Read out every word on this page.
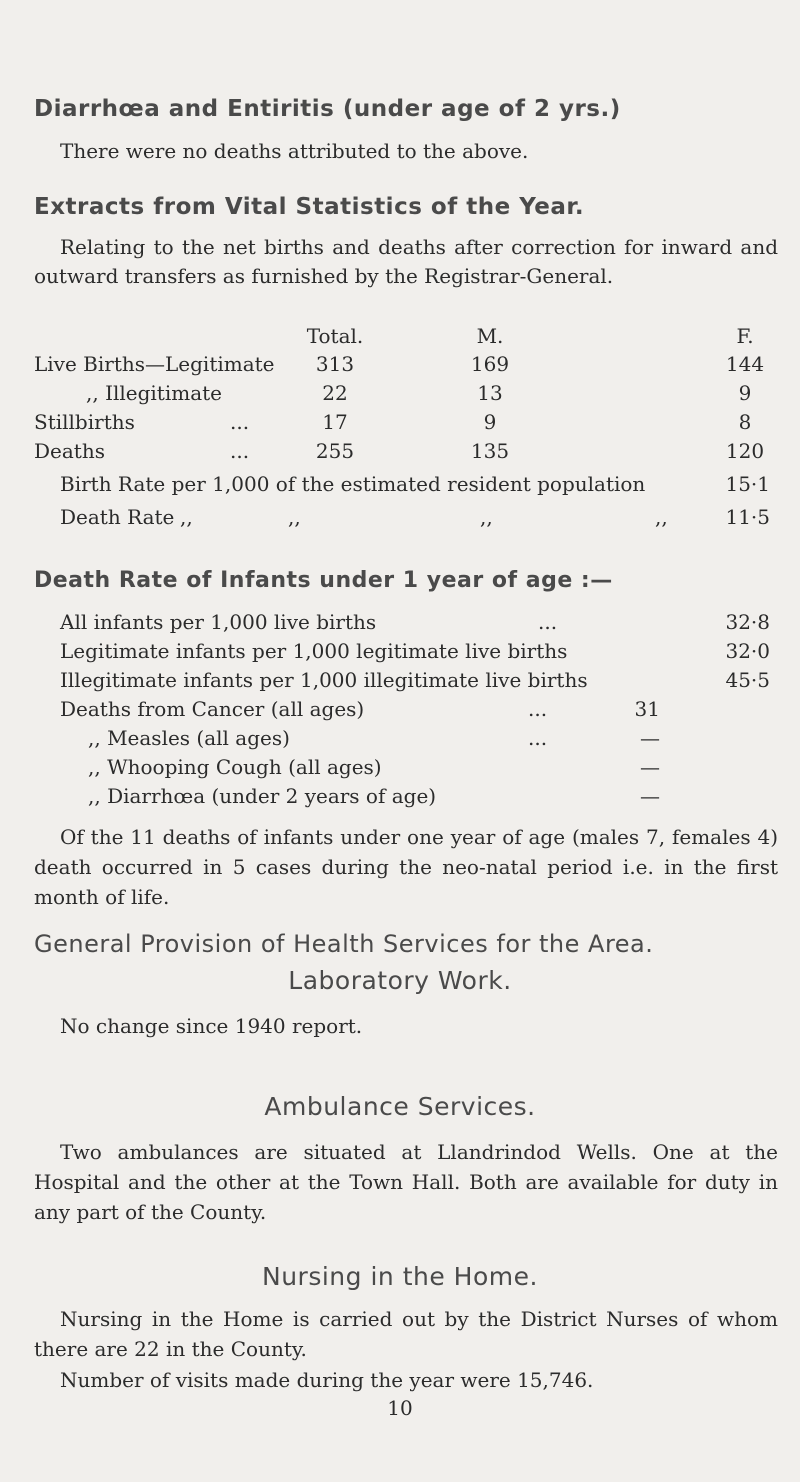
Diarrhœa and Entiritis (under age of 2 yrs.)
There were no deaths attributed to the above.
Extracts from Vital Statistics of the Year.
Relating to the net births and deaths after correction for inward and outward transfers as furnished by the Registrar-General.
Total.	M.	F.
Live Births—Legitimate	313	169	144
,, Illegitimate	22	13	9
Stillbirths	...	17	9	8
Deaths	...	255	135	120
Birth Rate per 1,000 of the estimated resident population	15·1
Death Rate ,,	,,	,,	,,	11·5
Death Rate of Infants under 1 year of age :—
All infants per 1,000 live births	...	32·8
Legitimate infants per 1,000 legitimate live births	32·0
Illegitimate infants per 1,000 illegitimate live births	45·5
Deaths from Cancer (all ages)	...	31
,, Measles (all ages)	...	—
,, Whooping Cough (all ages)	—
,, Diarrhœa (under 2 years of age)	—
Of the 11 deaths of infants under one year of age (males 7, females 4) death occurred in 5 cases during the neo-natal period i.e. in the first month of life.
General Provision of Health Services for the Area.
Laboratory Work.
No change since 1940 report.
Ambulance Services.
Two ambulances are situated at Llandrindod Wells. One at the Hospital and the other at the Town Hall. Both are available for duty in any part of the County.
Nursing in the Home.
Nursing in the Home is carried out by the District Nurses of whom there are 22 in the County.
Number of visits made during the year were 15,746.
10
